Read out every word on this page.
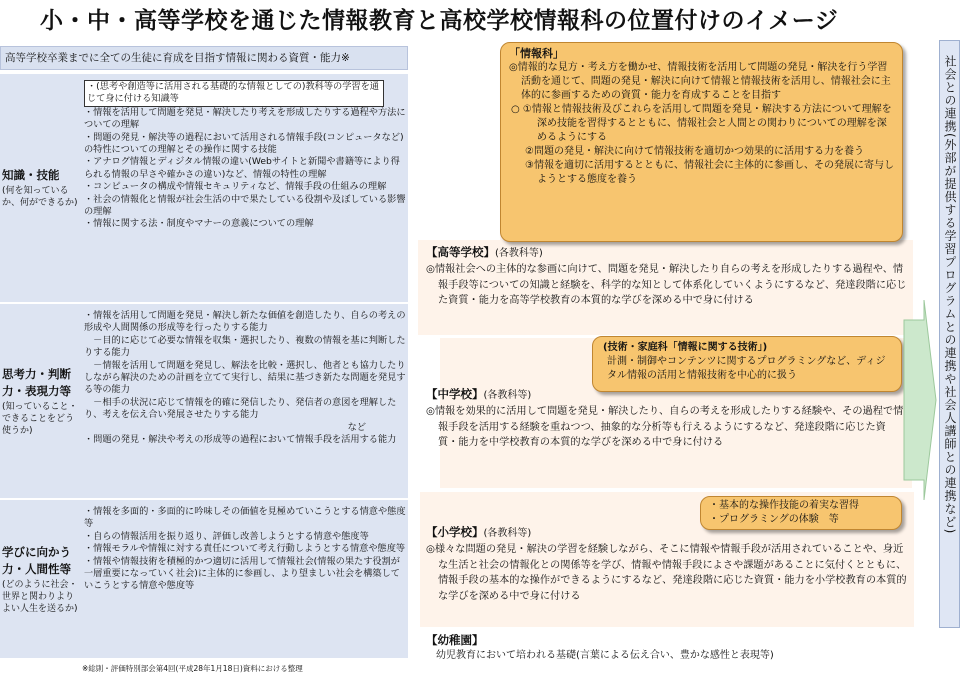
小・中・高等学校を通じた情報教育と高校学校情報科の位置付けのイメージ
高等学校卒業までに全ての生徒に育成を目指す情報に関わる資質・能力※
知識・技能
(何を知っているか、何ができるか)
・(思考や創造等に活用される基礎的な情報としての)教科等の学習を通じて身に付ける知識等
・情報を活用して問題を発見・解決したり考えを形成したりする過程や方法についての理解
・問題の発見・解決等の過程において活用される情報手段(コンピュータなど)の特性についての理解とその操作に関する技能
・アナログ情報とディジタル情報の違い(Webサイトと新聞や書籍等により得られる情報の早さや確かさの違い)など、情報の特性の理解
・コンピュータの構成や情報セキュリティなど、情報手段の仕組みの理解
・社会の情報化と情報が社会生活の中で果たしている役割や及ぼしている影響の理解
・情報に関する法・制度やマナーの意義についての理解
思考力・判断力・表現力等
(知っていること・できることをどう使うか)
・情報を活用して問題を発見・解決し新たな価値を創造したり、自らの考えの形成や人間関係の形成等を行ったりする能力
　－目的に応じて必要な情報を収集・選択したり、複数の情報を基に判断したりする能力
　－情報を活用して問題を発見し、解法を比較・選択し、他者とも協力したりしながら解決のための計画を立てて実行し、結果に基づき新たな問題を発見する等の能力
　－相手の状況に応じて情報を的確に発信したり、発信者の意図を理解したり、考えを伝え合い発展させたりする能力
など
・問題の発見・解決や考えの形成等の過程において情報手段を活用する能力
学びに向かう力・人間性等
(どのように社会・世界と関わりよりよい人生を送るか)
・情報を多面的・多面的に吟味しその価値を見極めていこうとする情意や態度等
・自らの情報活用を振り返り、評価し改善しようとする情意や態度等
・情報モラルや情報に対する責任について考え行動しようとする情意や態度等
・情報や情報技術を積極的かつ適切に活用して情報社会(情報の果たす役割が一層重要になっていく社会)に主体的に参画し、より望ましい社会を構築していこうとする情意や態度等
※総則・評価特別部会第4回(平成28年1月18日)資料における整理
【高等学校】(各教科等)
◎情報社会への主体的な参画に向けて、問題を発見・解決したり自らの考えを形成したりする過程や、情報手段等についての知識と経験を、科学的な知として体系化していくようにするなど、発達段階に応じた資質・能力を高等学校教育の本質的な学びを深める中で身に付ける
【中学校】(各教科等)
◎情報を効果的に活用して問題を発見・解決したり、自らの考えを形成したりする経験や、その過程で情報手段を活用する経験を重ねつつ、抽象的な分析等も行えるようにするなど、発達段階に応じた資質・能力を中学校教育の本質的な学びを深める中で身に付ける
【小学校】(各教科等)
◎様々な問題の発見・解決の学習を経験しながら、そこに情報や情報手段が活用されていることや、身近な生活と社会の情報化との関係等を学び、情報や情報手段によさや課題があることに気付くとともに、情報手段の基本的な操作ができるようにするなど、発達段階に応じた資質・能力を小学校教育の本質的な学びを深める中で身に付ける
【幼稚園】
幼児教育において培われる基礎(言葉による伝え合い、豊かな感性と表現等)
「情報科」
◎情報的な見方・考え方を働かせ、情報技術を活用して問題の発見・解決を行う学習活動を通じて、問題の発見・解決に向けて情報と情報技術を活用し、情報社会に主体的に参画するための資質・能力を育成することを目指す
○ ①情報と情報技術及びこれらを活用して問題を発見・解決する方法について理解を深め技能を習得するとともに、情報社会と人間との関わりについての理解を深めるようにする
②問題の発見・解決に向けて情報技術を適切かつ効果的に活用する力を養う
③情報を適切に活用するとともに、情報社会に主体的に参画し、その発展に寄与しようとする態度を養う
(技術・家庭科「情報に関する技術」)
計測・制御やコンテンツに関するプログラミングなど、ディジタル情報の活用と情報技術を中心的に扱う
・基本的な操作技能の着実な習得
・プログラミングの体験　等	社会との連携(外部が提供する学習プログラムとの連携や社会人講師との連携など)
